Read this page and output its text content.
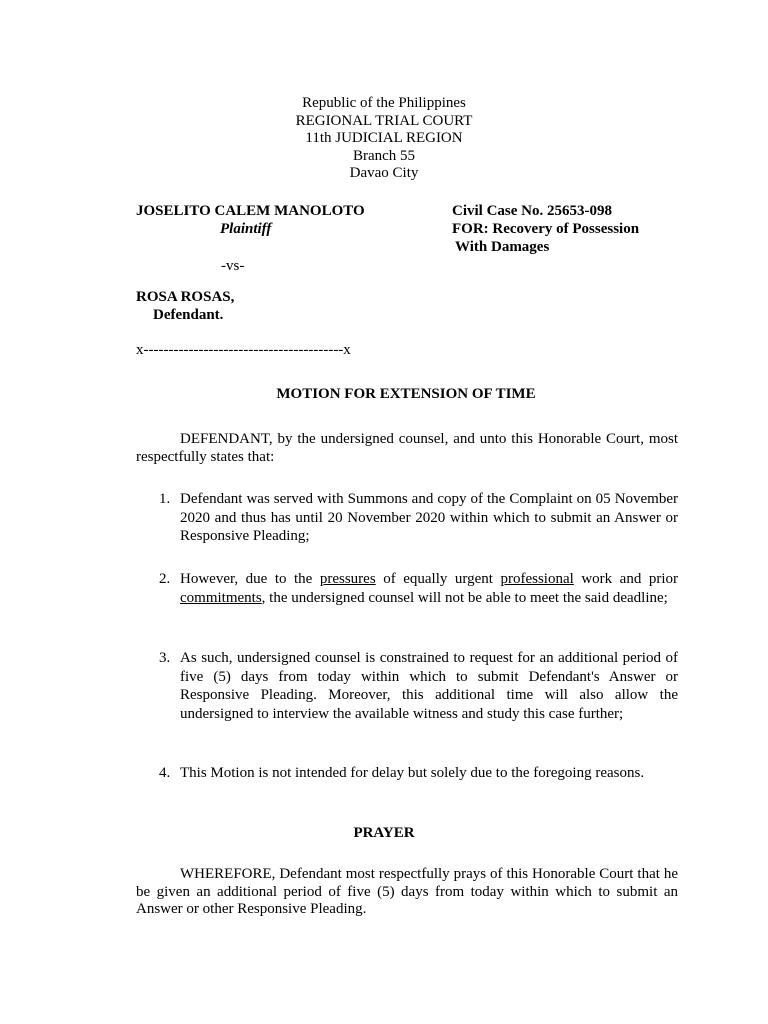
Republic of the Philippines
REGIONAL TRIAL COURT
11th JUDICIAL REGION
Branch 55
Davao City
JOSELITO CALEM MANOLOTO
Plaintiff
Civil Case No. 25653-098
FOR: Recovery of Possession
With Damages
-vs-
ROSA ROSAS,
Defendant.
x----------------------------------------x
MOTION FOR EXTENSION OF TIME
DEFENDANT, by the undersigned counsel, and unto this Honorable Court, most respectfully states that:
1. Defendant was served with Summons and copy of the Complaint on 05 November 2020 and thus has until 20 November 2020 within which to submit an Answer or Responsive Pleading;
2. However, due to the pressures of equally urgent professional work and prior commitments, the undersigned counsel will not be able to meet the said deadline;
3. As such, undersigned counsel is constrained to request for an additional period of five (5) days from today within which to submit Defendant's Answer or Responsive Pleading. Moreover, this additional time will also allow the undersigned to interview the available witness and study this case further;
4. This Motion is not intended for delay but solely due to the foregoing reasons.
PRAYER
WHEREFORE, Defendant most respectfully prays of this Honorable Court that he be given an additional period of five (5) days from today within which to submit an Answer or other Responsive Pleading.
